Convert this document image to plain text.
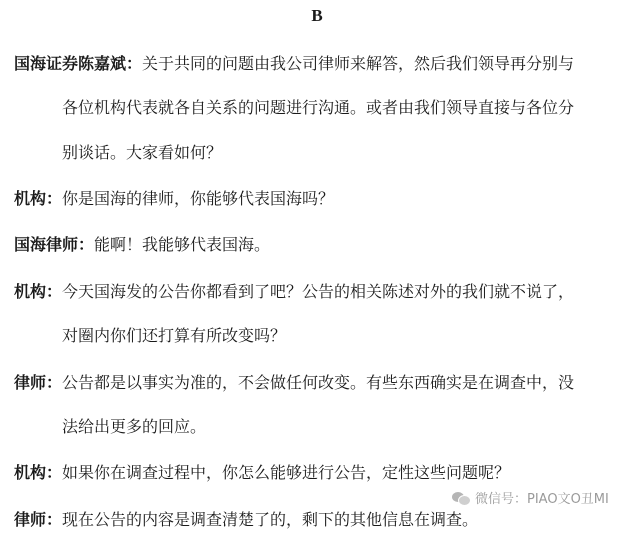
B
国海证券陈嘉斌：关于共同的问题由我公司律师来解答，然后我们领导再分别与
各位机构代表就各自关系的问题进行沟通。或者由我们领导直接与各位分
别谈话。大家看如何？
机构：你是国海的律师，你能够代表国海吗？
国海律师：能啊！我能够代表国海。
机构：今天国海发的公告你都看到了吧？公告的相关陈述对外的我们就不说了，
对圈内你们还打算有所改变吗？
律师：公告都是以事实为准的，不会做任何改变。有些东西确实是在调查中，没
法给出更多的回应。
机构：如果你在调查过程中，你怎么能够进行公告，定性这些问题呢？
律师：现在公告的内容是调查清楚了的，剩下的其他信息在调查。
微信号：PIAO文O丑MI
